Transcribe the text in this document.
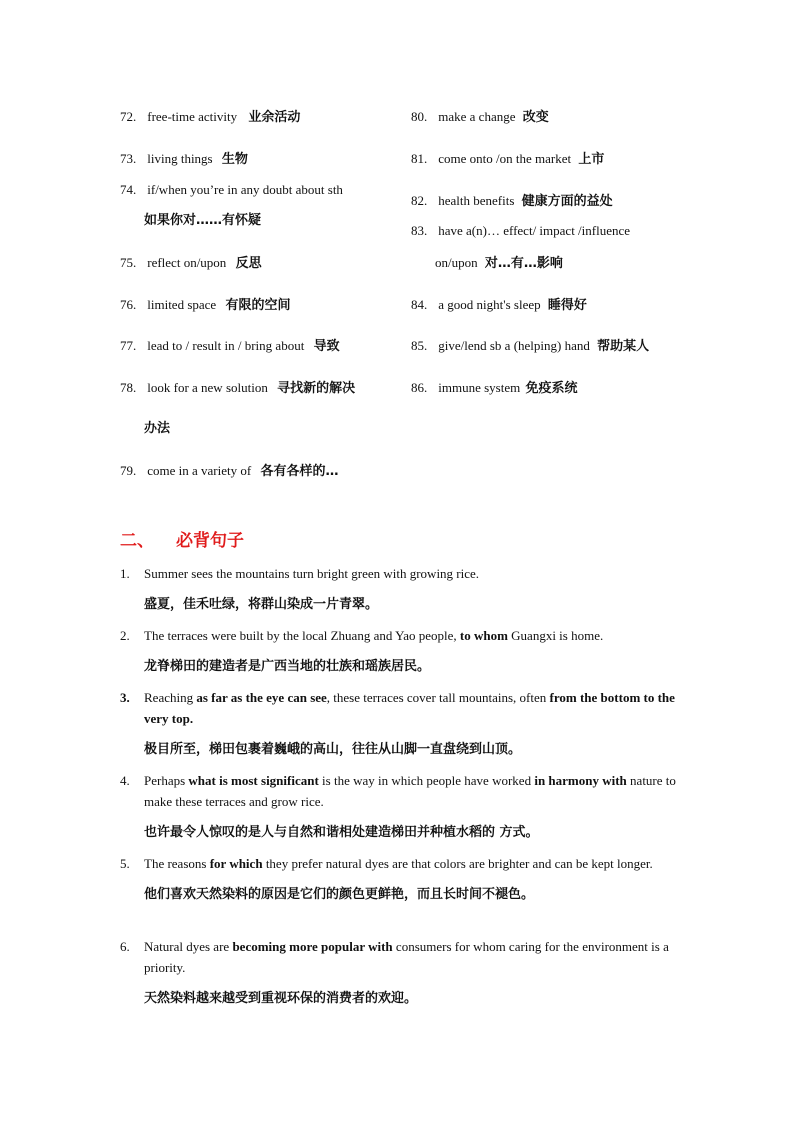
72. free-time activity 业余活动
73. living things 生物
74. if/when you’re in any doubt about sth
如果你对……有怀疑
75. reflect on/upon 反思
76. limited space 有限的空间
77. lead to / result in / bring about 导致
78. look for a new solution 寻找新的解决
办法
79. come in a variety of 各有各样的…
80. make a change 改变
81. come onto /on the market 上市
82. health benefits 健康方面的益处
83. have a(n)… effect/ impact /influence
on/upon 对…有…影响
84. a good night's sleep 睡得好
85. give/lend sb a (helping) hand 帮助某人
86. immune system 免疫系统
二、 必背句子
1. Summer sees the mountains turn bright green with growing rice.
盛夏，佳禾吐绿，将群山染成一片青翠。
2. The terraces were built by the local Zhuang and Yao people, to whom Guangxi is home.
龙脊梯田的建造者是广西当地的壮族和瑶族居民。
3. Reaching as far as the eye can see, these terraces cover tall mountains, often from the bottom to the very top.
极目所至，梯田包裹着巍峨的高山，往往从山脚一直盘绕到山顶。
4. Perhaps what is most significant is the way in which people have worked in harmony with nature to make these terraces and grow rice.
也许最令人惊叹的是人与自然和谐相处建造梯田并种植水稻的 方式。
5. The reasons for which they prefer natural dyes are that colors are brighter and can be kept longer.
他们喜欢天然染料的原因是它们的颜色更鲜艳，而且长时间不褪色。
6. Natural dyes are becoming more popular with consumers for whom caring for the environment is a priority.
天然染料越来越受到重视环保的消费者的欢迎。
